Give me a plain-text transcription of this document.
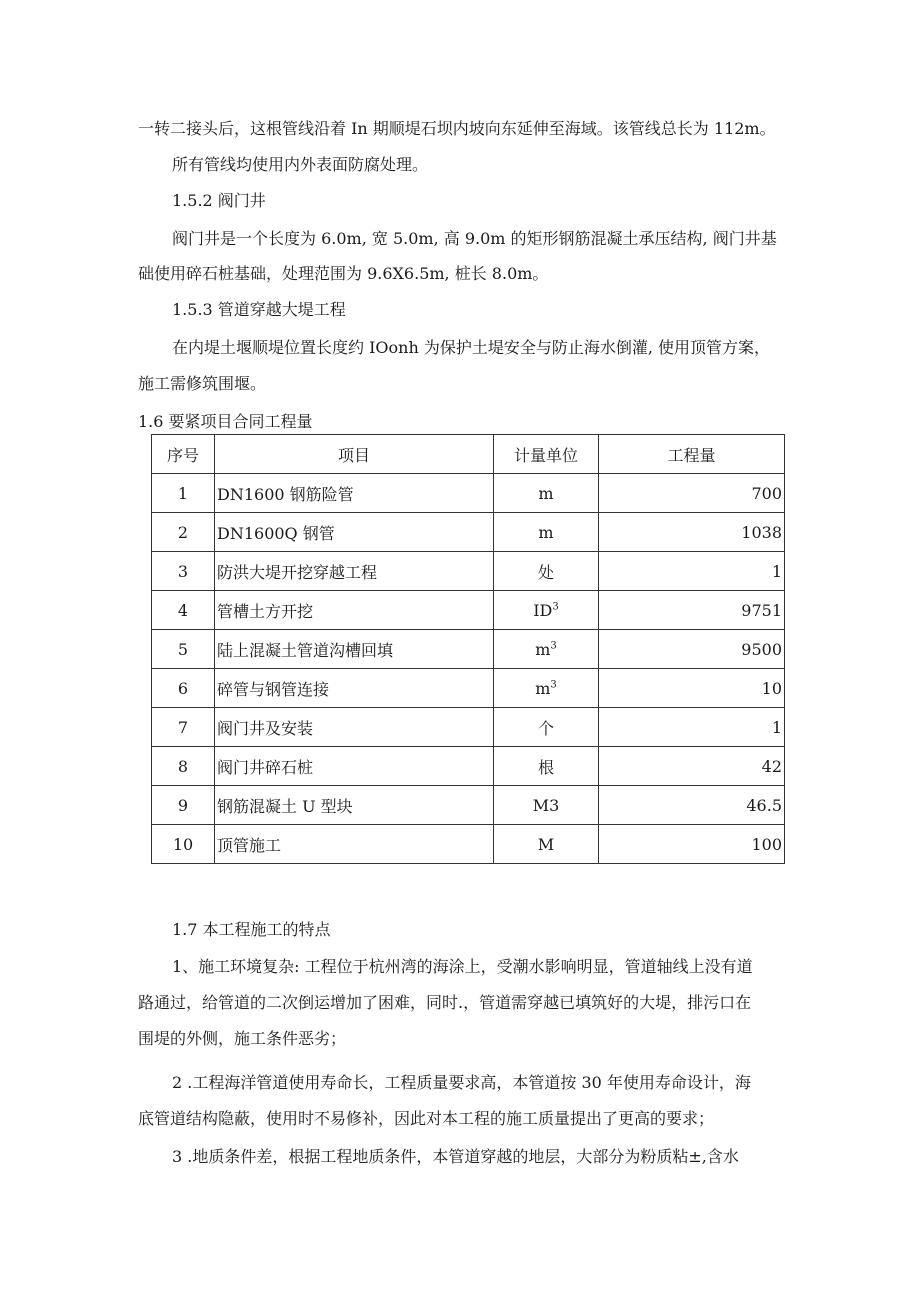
一转二接头后，这根管线沿着 In 期顺堤石坝内坡向东延伸至海域。该管线总长为 112m。
所有管线均使用内外表面防腐处理。
1.5.2 阀门井
阀门井是一个长度为 6.0m, 宽 5.0m, 高 9.0m 的矩形钢筋混凝土承压结构, 阀门井基
础使用碎石桩基础，处理范围为 9.6X6.5m, 桩长 8.0m。
1.5.3 管道穿越大堤工程
在内堤土堰顺堤位置长度约 IOonh 为保护土堤安全与防止海水倒灌, 使用顶管方案，
施工需修筑围堰。
1.6 要紧项目合同工程量
序号	项目	计量单位	工程量
1	DN1600 钢筋险管	m	700
2	DN1600Q 钢管	m	1038
3	防洪大堤开挖穿越工程	处	1
4	管槽土方开挖	$ID^3$	9751
5	陆上混凝土管道沟槽回填	$m^3$	9500
6	碎管与钢管连接	$m^3$	10
7	阀门井及安装	个	1
8	阀门井碎石桩	根	42
9	钢筋混凝土 U 型块	M3	46.5
10	顶管施工	M	100
1.7 本工程施工的特点
1、施工环境复杂: 工程位于杭州湾的海涂上，受潮水影响明显，管道轴线上没有道
路通过，给管道的二次倒运增加了困难，同时.，管道需穿越已填筑好的大堤，排污口在
围堤的外侧，施工条件恶劣；
2 .工程海洋管道使用寿命长，工程质量要求高，本管道按 30 年使用寿命设计，海
底管道结构隐蔽，使用时不易修补，因此对本工程的施工质量提出了更高的要求；
3 .地质条件差，根据工程地质条件，本管道穿越的地层，大部分为粉质粘±,含水
